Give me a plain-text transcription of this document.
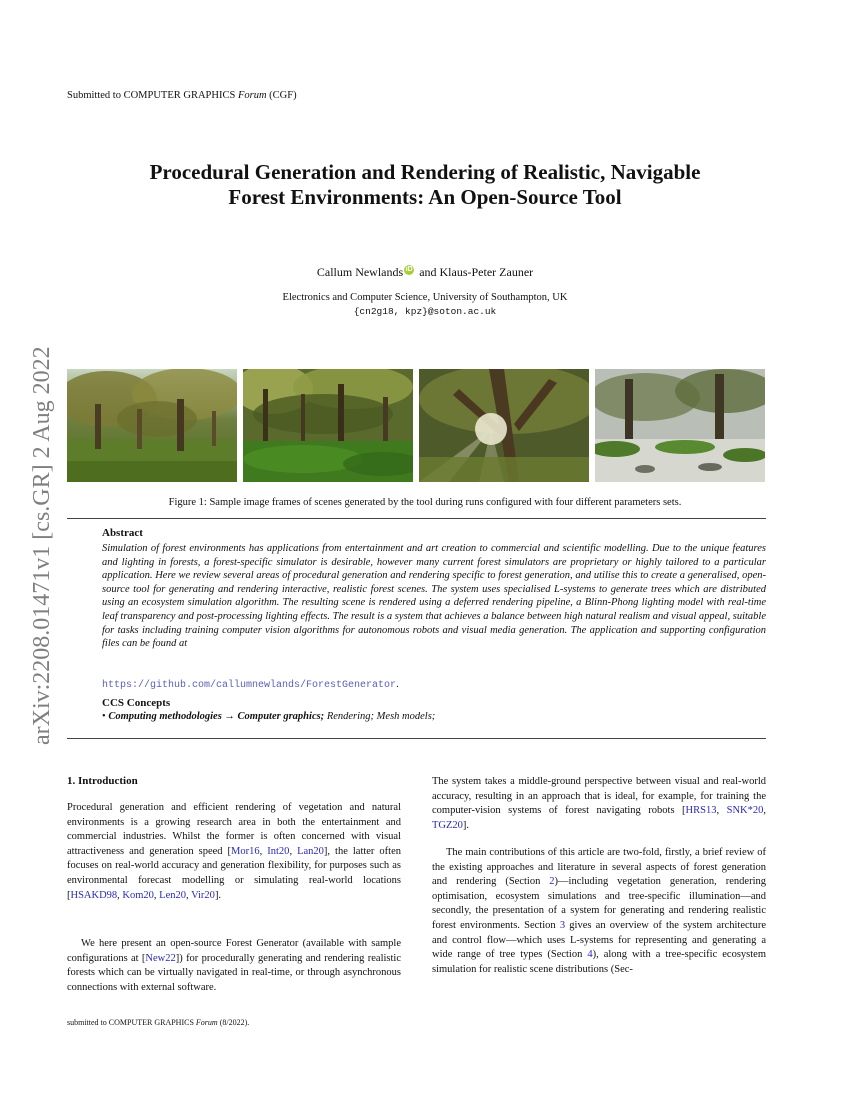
Submitted to COMPUTER GRAPHICS Forum (CGF)
arXiv:2208.01471v1 [cs.GR] 2 Aug 2022
Procedural Generation and Rendering of Realistic, Navigable
Forest Environments: An Open-Source Tool
Callum Newlands iD and Klaus-Peter Zauner
Electronics and Computer Science, University of Southampton, UK
{cn2g18, kpz}@soton.ac.uk
Figure 1: Sample image frames of scenes generated by the tool during runs configured with four different parameters sets.
Abstract
Simulation of forest environments has applications from entertainment and art creation to commercial and scientific modelling. Due to the unique features and lighting in forests, a forest-specific simulator is desirable, however many current forest simulators are proprietary or highly tailored to a particular application. Here we review several areas of procedural generation and rendering specific to forest generation, and utilise this to create a generalised, open-source tool for generating and rendering interactive, realistic forest scenes. The system uses specialised L-systems to generate trees which are distributed using an ecosystem simulation algorithm. The resulting scene is rendered using a deferred rendering pipeline, a Blinn-Phong lighting model with real-time leaf transparency and post-processing lighting effects. The result is a system that achieves a balance between high natural realism and visual appeal, suitable for tasks including training computer vision algorithms for autonomous robots and visual media generation. The application and supporting configuration files can be found at
https://github.com/callumnewlands/ForestGenerator.
CCS Concepts
• Computing methodologies → Computer graphics; Rendering; Mesh models;
1. Introduction

Procedural generation and efficient rendering of vegetation and natural environments is a growing research area in both the entertainment and commercial industries. Whilst the former is often concerned with visual attractiveness and generation speed [Mor16, Int20, Lan20], the latter often focuses on real-world accuracy and generation flexibility, for purposes such as environmental forecast modelling or simulating real-world locations [HSAKD98, Kom20, Len20, Vir20].

We here present an open-source Forest Generator (available with sample configurations at [New22]) for procedurally generating and rendering realistic forests which can be virtually navigated in real-time, or through asynchronous connections with external software.

The system takes a middle-ground perspective between visual and real-world accuracy, resulting in an approach that is ideal, for example, for training the computer-vision systems of forest navigating robots [HRS13, SNK*20, TGZ20].

The main contributions of this article are two-fold, firstly, a brief review of the existing approaches and literature in several aspects of forest generation and rendering (Section 2)—including vegetation generation, rendering optimisation, ecosystem simulations and tree-specific illumination—and secondly, the presentation of a system for generating and rendering realistic forest environments. Section 3 gives an overview of the system architecture and control flow—which uses L-systems for representing and generating a wide range of tree types (Section 4), along with a tree-specific ecosystem simulation for realistic scene distributions (Sec-

submitted to COMPUTER GRAPHICS Forum (8/2022).
